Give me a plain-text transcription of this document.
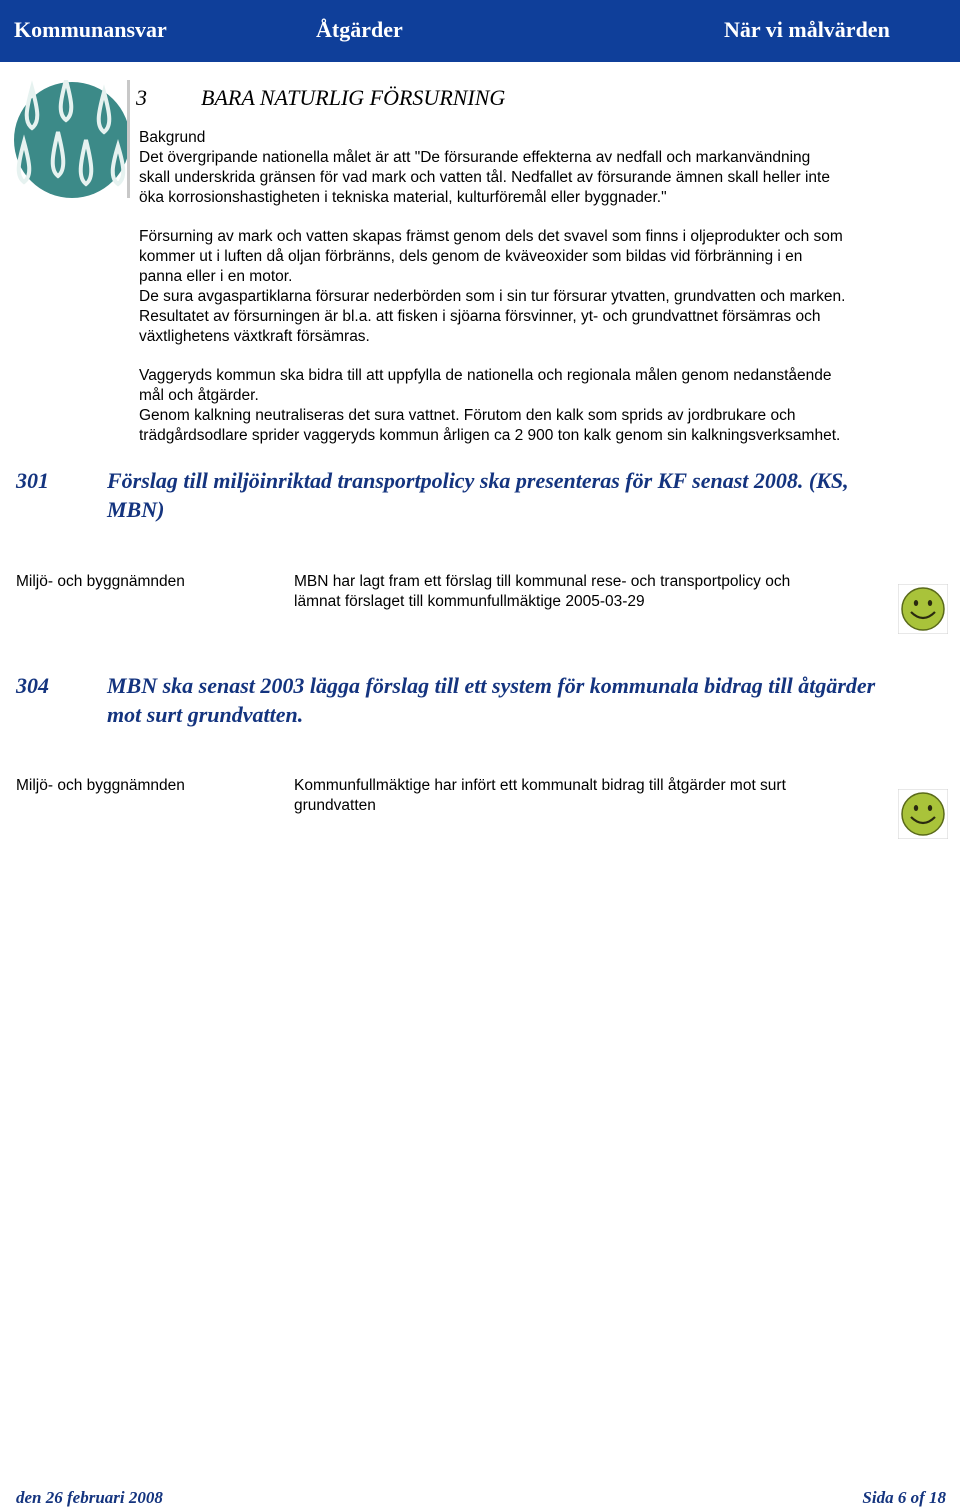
Kommunansvar	Åtgärder	När vi målvärden
3 BARA NATURLIG FÖRSURNING
Bakgrund
Det övergripande nationella målet är att "De försurande effekterna av nedfall och markanvändning
skall underskrida gränsen för vad mark och vatten tål. Nedfallet av försurande ämnen skall heller inte
öka korrosionshastigheten i tekniska material, kulturföremål eller byggnader."
Försurning av mark och vatten skapas främst genom dels det svavel som finns i oljeprodukter och som
kommer ut i luften då oljan förbränns, dels genom de kväveoxider som bildas vid förbränning i en
panna eller i en motor.
De sura avgaspartiklarna försurar nederbörden som i sin tur försurar ytvatten, grundvatten och marken.
Resultatet av försurningen är bl.a. att fisken i sjöarna försvinner, yt- och grundvattnet försämras och
växtlighetens växtkraft försämras.
Vaggeryds kommun ska bidra till att uppfylla de nationella och regionala målen genom nedanstående
mål och åtgärder.
Genom kalkning neutraliseras det sura vattnet. Förutom den kalk som sprids av jordbrukare och
trädgårdsodlare sprider vaggeryds kommun årligen ca 2 900 ton kalk genom sin kalkningsverksamhet.
301	Förslag till miljöinriktad transportpolicy ska presenteras för KF senast 2008. (KS,
MBN)
Miljö- och byggnämnden	MBN har lagt fram ett förslag till kommunal rese- och transportpolicy och
lämnat förslaget till kommunfullmäktige 2005-03-29
304	MBN ska senast 2003 lägga förslag till ett system för kommunala bidrag till åtgärder
mot surt grundvatten.
Miljö- och byggnämnden	Kommunfullmäktige har infört ett kommunalt bidrag till åtgärder mot surt
grundvatten
den 26 februari 2008	Sida 6 of 18
